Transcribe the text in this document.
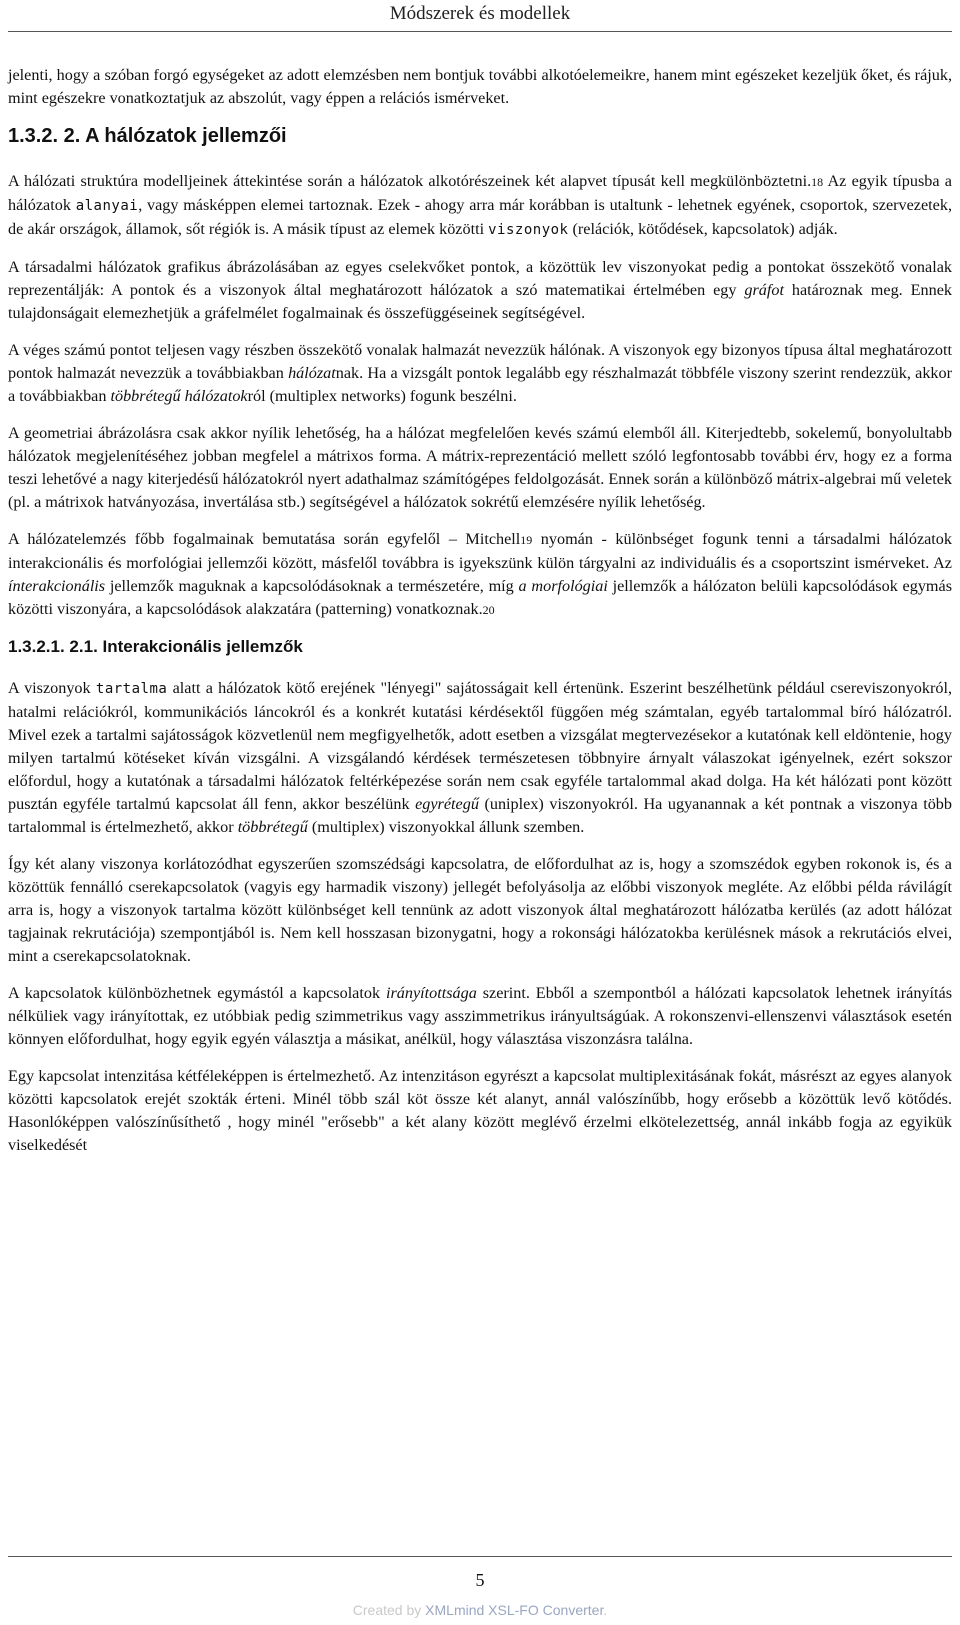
Módszerek és modellek

jelenti, hogy a szóban forgó egységeket az adott elemzésben nem bontjuk további alkotóelemeikre, hanem mint egészeket kezeljük őket, és rájuk, mint egészekre vonatkoztatjuk az abszolút, vagy éppen a relációs ismérveket.

1.3.2. 2. A hálózatok jellemzői

A hálózati struktúra modelljeinek áttekintése során a hálózatok alkotórészeinek két alapvet típusát kell megkülönböztetni.18 Az egyik típusba a hálózatok alanyai, vagy másképpen elemei tartoznak. Ezek - ahogy arra már korábban is utaltunk - lehetnek egyének, csoportok, szervezetek, de akár országok, államok, sőt régiók is. A másik típust az elemek közötti viszonyok (relációk, kötődések, kapcsolatok) adják.

A társadalmi hálózatok grafikus ábrázolásában az egyes cselekvőket pontok, a közöttük lev viszonyokat pedig a pontokat összekötő vonalak reprezentálják: A pontok és a viszonyok által meghatározott hálózatok a szó matematikai értelmében egy gráfot határoznak meg. Ennek tulajdonságait elemezhetjük a gráfelmélet fogalmainak és összefüggéseinek segítségével.

A véges számú pontot teljesen vagy részben összekötő vonalak halmazát nevezzük hálónak. A viszonyok egy bizonyos típusa által meghatározott pontok halmazát nevezzük a továbbiakban hálózatnak. Ha a vizsgált pontok legalább egy részhalmazát többféle viszony szerint rendezzük, akkor a továbbiakban többrétegű hálózatokról (multiplex networks) fogunk beszélni.

A geometriai ábrázolásra csak akkor nyílik lehetőség, ha a hálózat megfelelően kevés számú elemből áll. Kiterjedtebb, sokelemű, bonyolultabb hálózatok megjelenítéséhez jobban megfelel a mátrixos forma. A mátrix-reprezentáció mellett szóló legfontosabb további érv, hogy ez a forma teszi lehetővé a nagy kiterjedésű hálózatokról nyert adathalmaz számítógépes feldolgozását. Ennek során a különböző mátrix-algebrai mű veletek (pl. a mátrixok hatványozása, invertálása stb.) segítségével a hálózatok sokrétű elemzésére nyílik lehetőség.

A hálózatelemzés főbb fogalmainak bemutatása során egyfelől – Mitchell19 nyomán - különbséget fogunk tenni a társadalmi hálózatok interakcionális és morfológiai jellemzői között, másfelől továbbra is igyekszünk külön tárgyalni az individuális és a csoportszint ismérveket. Az ínterakcionális jellemzők maguknak a kapcsolódásoknak a természetére, míg a morfológiai jellemzők a hálózaton belüli kapcsolódások egymás közötti viszonyára, a kapcsolódások alakzatára (patterning) vonatkoznak.20

1.3.2.1. 2.1. Interakcionális jellemzők

A viszonyok tartalma alatt a hálózatok kötő erejének "lényegi" sajátosságait kell értenünk. Eszerint beszélhetünk például csereviszonyokról, hatalmi relációkról, kommunikációs láncokról és a konkrét kutatási kérdésektől függően még számtalan, egyéb tartalommal bíró hálózatról. Mivel ezek a tartalmi sajátosságok közvetlenül nem megfigyelhetők, adott esetben a vizsgálat megtervezésekor a kutatónak kell eldöntenie, hogy milyen tartalmú kötéseket kíván vizsgálni. A vizsgálandó kérdések természetesen többnyire árnyalt válaszokat igényelnek, ezért sokszor előfordul, hogy a kutatónak a társadalmi hálózatok feltérképezése során nem csak egyféle tartalommal akad dolga. Ha két hálózati pont között pusztán egyféle tartalmú kapcsolat áll fenn, akkor beszélünk egyrétegű (uniplex) viszonyokról. Ha ugyanannak a két pontnak a viszonya több tartalommal is értelmezhető, akkor többrétegű (multiplex) viszonyokkal állunk szemben.

Így két alany viszonya korlátozódhat egyszerűen szomszédsági kapcsolatra, de előfordulhat az is, hogy a szomszédok egyben rokonok is, és a közöttük fennálló cserekapcsolatok (vagyis egy harmadik viszony) jellegét befolyásolja az előbbi viszonyok megléte. Az előbbi példa rávilágít arra is, hogy a viszonyok tartalma között különbséget kell tennünk az adott viszonyok által meghatározott hálózatba kerülés (az adott hálózat tagjainak rekrutációja) szempontjából is. Nem kell hosszasan bizonygatni, hogy a rokonsági hálózatokba kerülésnek mások a rekrutációs elvei, mint a cserekapcsolatoknak.

A kapcsolatok különbözhetnek egymástól a kapcsolatok irányítottsága szerint. Ebből a szempontból a hálózati kapcsolatok lehetnek irányítás nélküliek vagy irányítottak, ez utóbbiak pedig szimmetrikus vagy asszimmetrikus irányultságúak. A rokonszenvi-ellenszenvi választások esetén könnyen előfordulhat, hogy egyik egyén választja a másikat, anélkül, hogy választása viszonzásra találna.

Egy kapcsolat intenzitása kétféleképpen is értelmezhető. Az intenzitáson egyrészt a kapcsolat multiplexitásának fokát, másrészt az egyes alanyok közötti kapcsolatok erejét szokták érteni. Minél több szál köt össze két alanyt, annál valószínűbb, hogy erősebb a közöttük levő kötődés. Hasonlóképpen valószínűsíthető , hogy minél "erősebb" a két alany között meglévő érzelmi elkötelezettség, annál inkább fogja az egyikük viselkedését

5
Created by XMLmind XSL-FO Converter.
